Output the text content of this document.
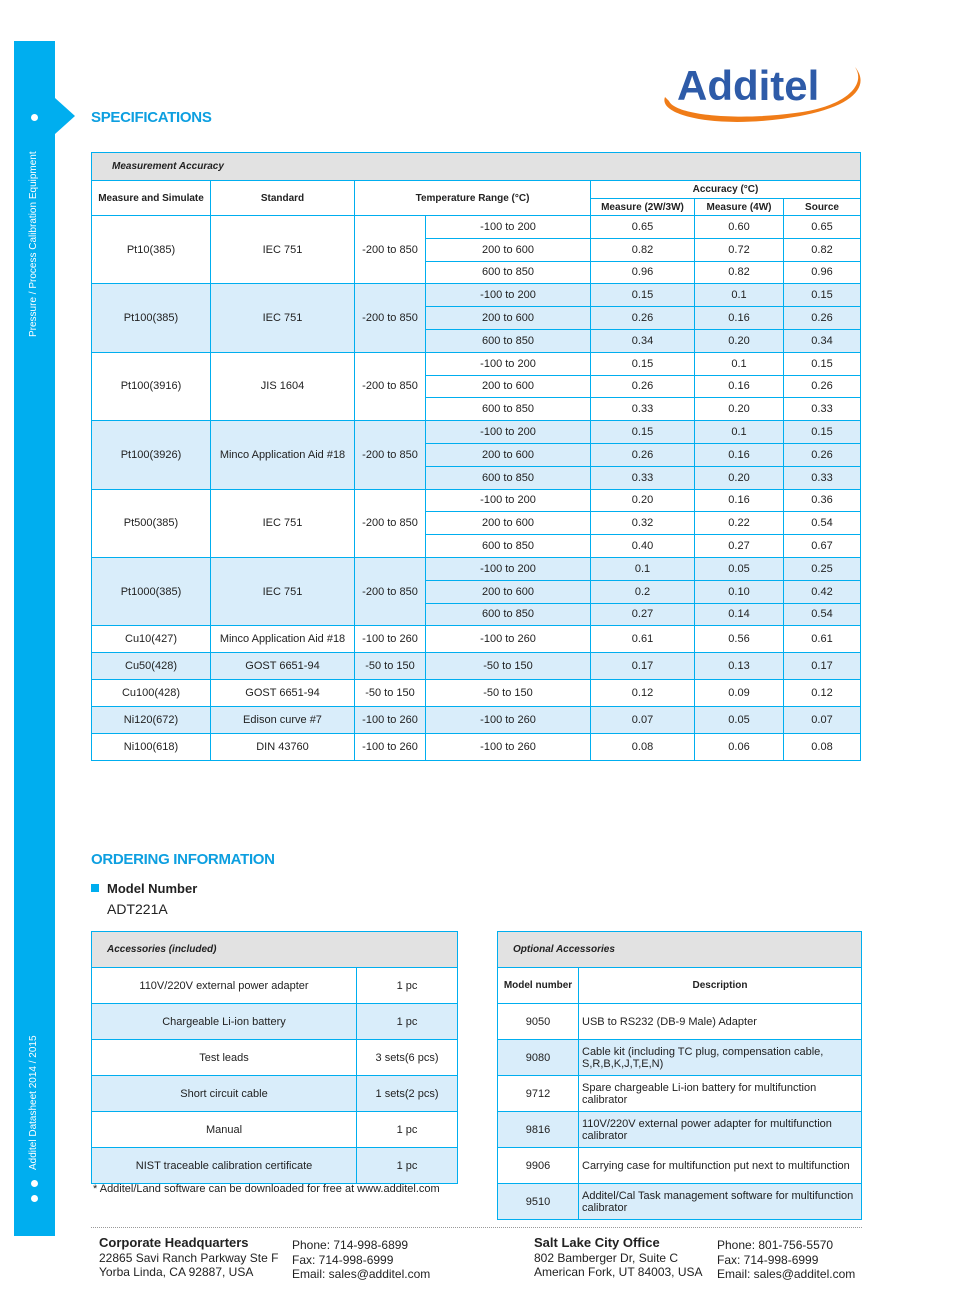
Pressure / Process Calibration Equipment
Additel Datasheet 2014 / 2015
Additel
SPECIFICATIONS
Measurement Accuracy						
Measure and Simulate	Standard	Temperature Range (°C)		Accuracy (°C)		
				Measure (2W/3W)	Measure (4W)	Source
Pt10(385)	IEC 751	-200 to 850	-100 to 200	0.65	0.60	0.65
			200 to 600	0.82	0.72	0.82
			600 to 850	0.96	0.82	0.96
Pt100(385)	IEC 751	-200 to 850	-100 to 200	0.15	0.1	0.15
			200 to 600	0.26	0.16	0.26
			600 to 850	0.34	0.20	0.34
Pt100(3916)	JIS 1604	-200 to 850	-100 to 200	0.15	0.1	0.15
			200 to 600	0.26	0.16	0.26
			600 to 850	0.33	0.20	0.33
Pt100(3926)	Minco Application Aid #18	-200 to 850	-100 to 200	0.15	0.1	0.15
			200 to 600	0.26	0.16	0.26
			600 to 850	0.33	0.20	0.33
Pt500(385)	IEC 751	-200 to 850	-100 to 200	0.20	0.16	0.36
			200 to 600	0.32	0.22	0.54
			600 to 850	0.40	0.27	0.67
Pt1000(385)	IEC 751	-200 to 850	-100 to 200	0.1	0.05	0.25
			200 to 600	0.2	0.10	0.42
			600 to 850	0.27	0.14	0.54
Cu10(427)	Minco Application Aid #18	-100 to 260	-100 to 260	0.61	0.56	0.61
Cu50(428)	GOST 6651-94	-50 to 150	-50 to 150	0.17	0.13	0.17
Cu100(428)	GOST 6651-94	-50 to 150	-50 to 150	0.12	0.09	0.12
Ni120(672)	Edison curve #7	-100 to 260	-100 to 260	0.07	0.05	0.07
Ni100(618)	DIN 43760	-100 to 260	-100 to 260	0.08	0.06	0.08
ORDERING INFORMATION
Model Number
ADT221A
Accessories (included)	
110V/220V external power adapter	1 pc
Chargeable Li-ion battery	1 pc
Test leads	3 sets(6 pcs)
Short circuit cable	1 sets(2 pcs)
Manual	1 pc
NIST traceable calibration certificate	1 pc
Optional Accessories	
Model number	Description
9050	USB to RS232 (DB-9 Male) Adapter
9080	Cable kit (including TC plug, compensation cable, S,R,B,K,J,T,E,N)
9712	Spare chargeable Li-ion battery for multifunction calibrator
9816	110V/220V external power adapter for multifunction calibrator
9906	Carrying case for multifunction put next to multifunction
9510	Additel/Cal Task management software for multifunction calibrator
* Additel/Land software can be downloaded for free at www.additel.com
Corporate Headquarters
22865 Savi Ranch Parkway Ste F
Yorba Linda, CA 92887, USA
Phone: 714-998-6899
Fax: 714-998-6999
Email: sales@additel.com
Salt Lake City Office
802 Bamberger Dr, Suite C
American Fork, UT 84003, USA
Phone: 801-756-5570
Fax: 714-998-6999
Email: sales@additel.com
